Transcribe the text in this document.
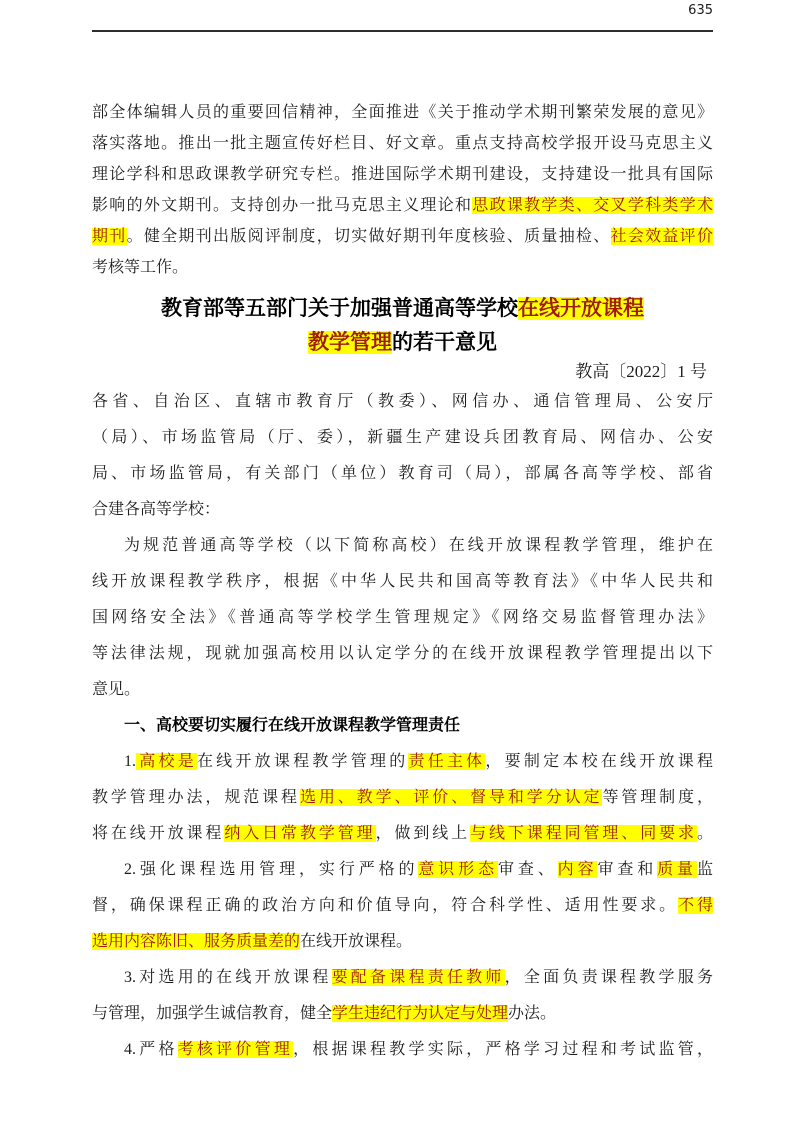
635
部全体编辑人员的重要回信精神，全面推进《关于推动学术期刊繁荣发展的意见》
落实落地。推出一批主题宣传好栏目、好文章。重点支持高校学报开设马克思主义
理论学科和思政课教学研究专栏。推进国际学术期刊建设，支持建设一批具有国际
影响的外文期刊。支持创办一批马克思主义理论和思政课教学类、交叉学科类学术
期刊。健全期刊出版阅评制度，切实做好期刊年度核验、质量抽检、社会效益评价
考核等工作。
教育部等五部门关于加强普通高等学校在线开放课程
教学管理的若干意见
教高〔2022〕1 号
各省、自治区、直辖市教育厅（教委）、网信办、通信管理局、公安厅
（局）、市场监管局（厅、委），新疆生产建设兵团教育局、网信办、公安
局、市场监管局，有关部门（单位）教育司（局），部属各高等学校、部省
合建各高等学校：
为规范普通高等学校（以下简称高校）在线开放课程教学管理，维护在
线开放课程教学秩序，根据《中华人民共和国高等教育法》《中华人民共和
国网络安全法》《普通高等学校学生管理规定》《网络交易监督管理办法》
等法律法规，现就加强高校用以认定学分的在线开放课程教学管理提出以下
意见。
一、高校要切实履行在线开放课程教学管理责任
1.高校是在线开放课程教学管理的责任主体，要制定本校在线开放课程
教学管理办法，规范课程选用、教学、评价、督导和学分认定等管理制度，
将在线开放课程纳入日常教学管理，做到线上与线下课程同管理、同要求。
2.强化课程选用管理，实行严格的意识形态审查、内容审查和质量监
督，确保课程正确的政治方向和价值导向，符合科学性、适用性要求。不得
选用内容陈旧、服务质量差的在线开放课程。
3.对选用的在线开放课程要配备课程责任教师，全面负责课程教学服务
与管理，加强学生诚信教育，健全学生违纪行为认定与处理办法。
4.严格考核评价管理，根据课程教学实际，严格学习过程和考试监管，
